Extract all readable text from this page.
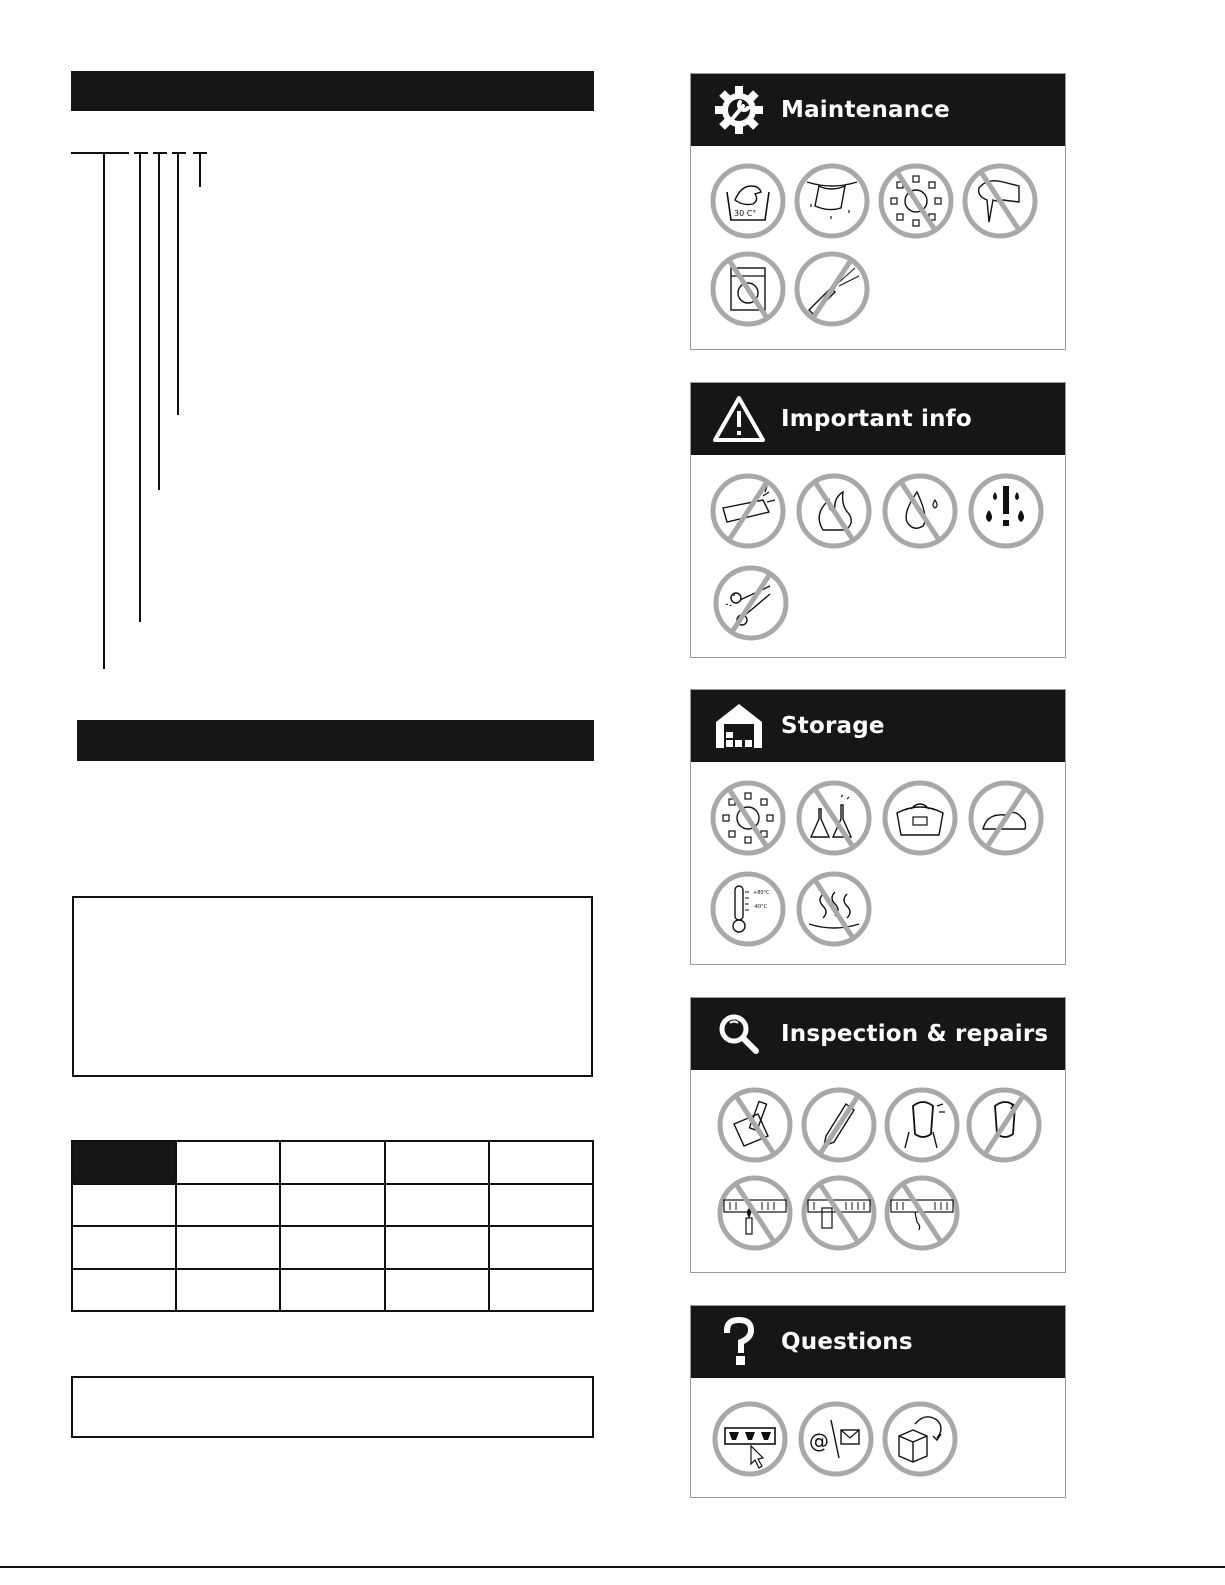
Maintenance
30 C°
Important info
Storage
+80°C
-40°C
Inspection & repairs
Questions
@
